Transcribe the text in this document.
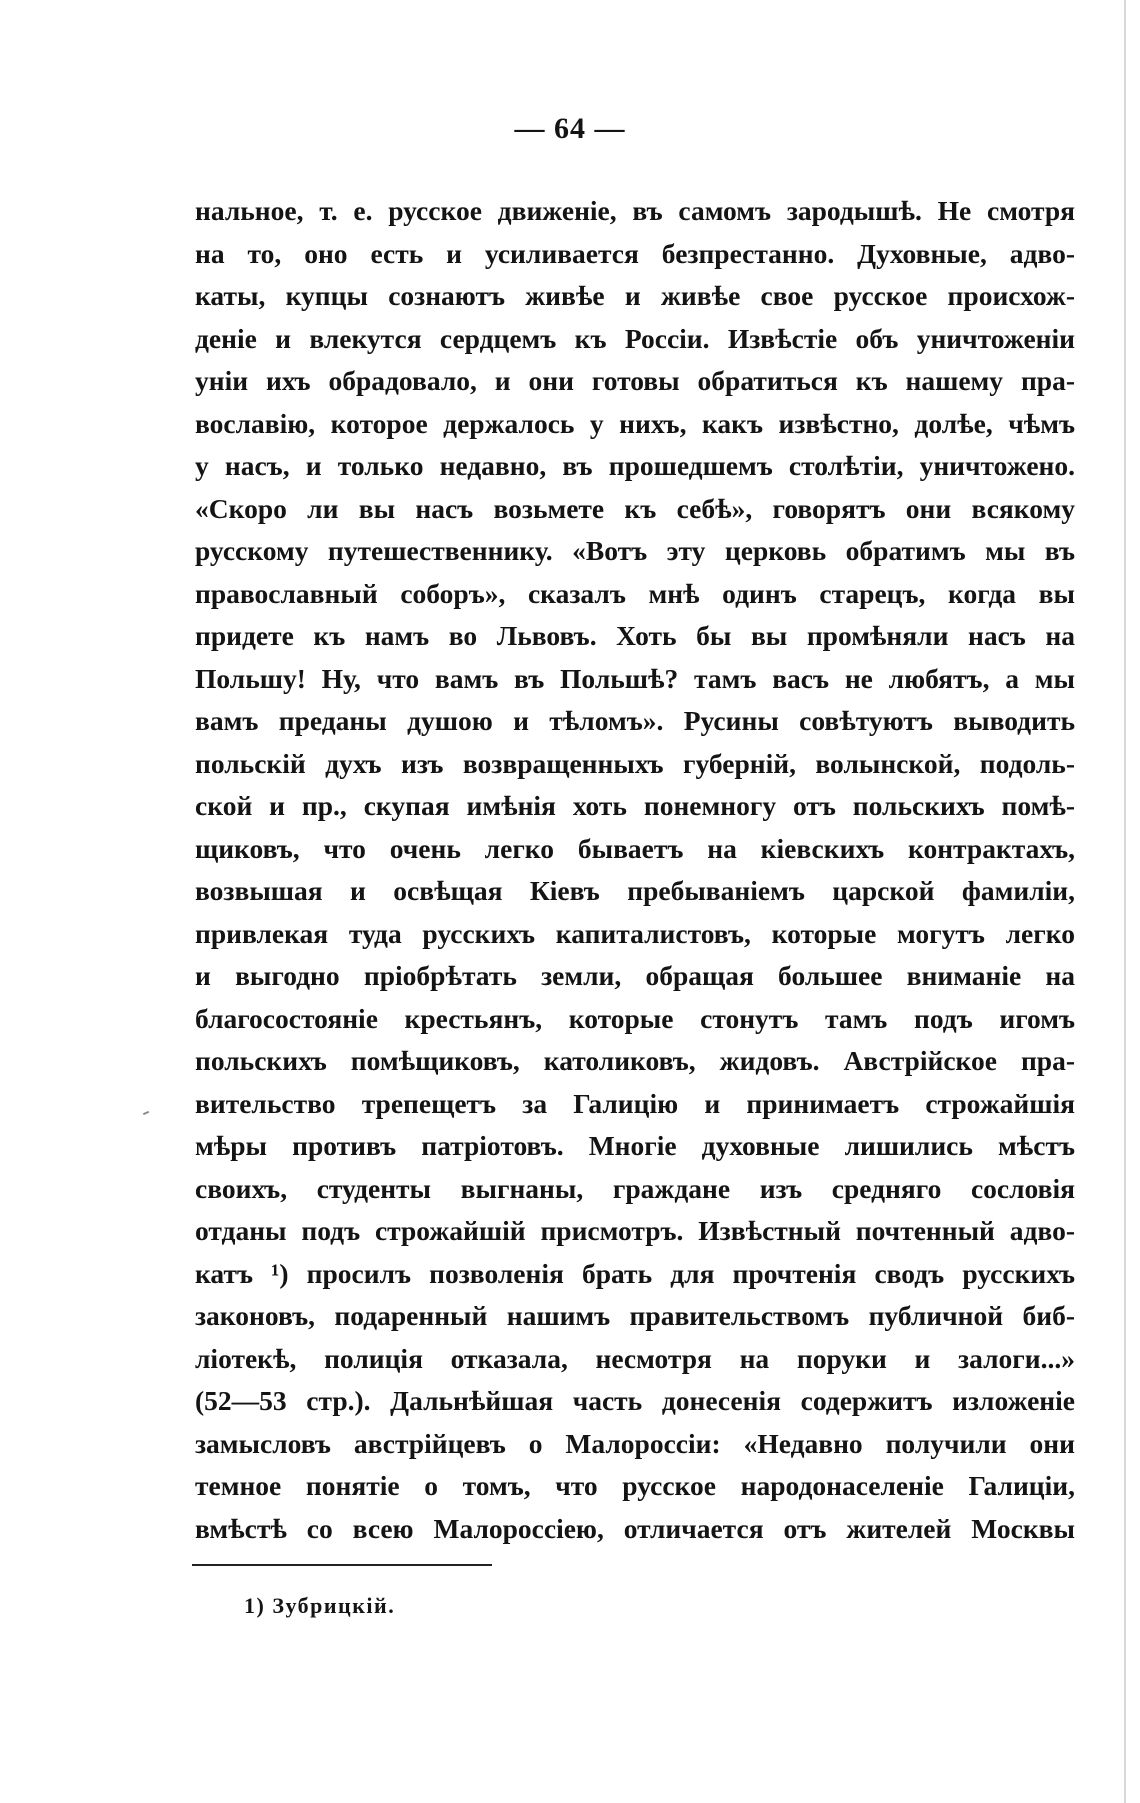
— 64 —
нальное, т. е. русское движеніе, въ самомъ зародышѣ. Не смотря
на то, оно есть и усиливается безпрестанно. Духовные, адво-
каты, купцы сознаютъ живѣе и живѣе свое русское происхож-
деніе и влекутся сердцемъ къ Россіи. Извѣстіе объ уничтоженіи
уніи ихъ обрадовало, и они готовы обратиться къ нашему пра-
вославію, которое держалось у нихъ, какъ извѣстно, долѣе, чѣмъ
у насъ, и только недавно, въ прошедшемъ столѣтіи, уничтожено.
«Скоро ли вы насъ возьмете къ себѣ», говорятъ они всякому
русскому путешественнику. «Вотъ эту церковь обратимъ мы въ
православный соборъ», сказалъ мнѣ одинъ старецъ, когда вы
придете къ намъ во Львовъ. Хоть бы вы промѣняли насъ на
Польшу! Ну, что вамъ въ Польшѣ? тамъ васъ не любятъ, а мы
вамъ преданы душою и тѣломъ». Русины совѣтуютъ выводить
польскій духъ изъ возвращенныхъ губерній, волынской, подоль-
ской и пр., скупая имѣнія хоть понемногу отъ польскихъ помѣ-
щиковъ, что очень легко бываетъ на кіевскихъ контрактахъ,
возвышая и освѣщая Кіевъ пребываніемъ царской фамиліи,
привлекая туда русскихъ капиталистовъ, которые могутъ легко
и выгодно пріобрѣтать земли, обращая большее вниманіе на
благосостояніе крестьянъ, которые стонутъ тамъ подъ игомъ
польскихъ помѣщиковъ, католиковъ, жидовъ. Австрійское пра-
вительство трепещетъ за Галицію и принимаетъ строжайшія
мѣры противъ патріотовъ. Многіе духовные лишились мѣстъ
своихъ, студенты выгнаны, граждане изъ средняго сословія
отданы подъ строжайшій присмотръ. Извѣстный почтенный адво-
катъ ¹) просилъ позволенія брать для прочтенія сводъ русскихъ
законовъ, подаренный нашимъ правительствомъ публичной биб-
ліотекѣ, полиція отказала, несмотря на поруки и залоги...»
(52—53 стр.). Дальнѣйшая часть донесенія содержитъ изложеніе
замысловъ австрійцевъ о Малороссіи: «Недавно получили они
темное понятіе о томъ, что русское народонаселеніе Галиціи,
вмѣстѣ со всею Малороссіею, отличается отъ жителей Москвы
1) Зубрицкій.
